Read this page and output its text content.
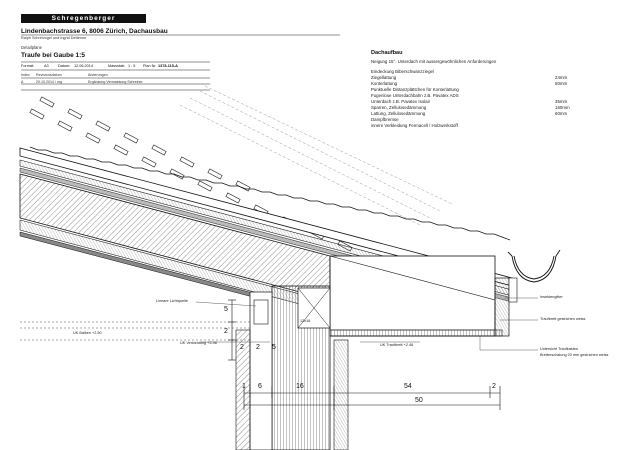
Schregenberger
Lindenbachstrasse 6, 8006 Zürich, Dachausbau
Ralph Schreivogel und Ingrid Dettenne
Detailpläne
Traufe bei Gaube 1:5
Format:	A3 Datum: 12.06.2014	Massstab: 1 : 5 Plan Nr. 1378-115-A
Index Revisionsdatum	Änderungen
A	20.10.2014 / mg	Ergänzung Vermassung Schreiner
Dachaufbau
Neigung 15°. Unterdach mit aussergewöhnlichen Anforderungen
Eindeckung Biberschwanzziegel
Ziegellattung	24mm
Konterlattung	50mm
Punktuelle Distanzplättchen für Konterlattung
Fugenlose Unterdachbahn z.B. Pavatex ADS
Unterdach z.B. Pavatex Isolair	35mm
Sparren, Zellulosedämmung	160mm
Lattung, Zellulosedämmung	60mm
Dampfbremse
innere Verkleidung Fermacell / Holzwerkstoff
Lineare Lichtquelle
UK Balken +2.50
UK Verkleidung +2.46	UK Traufbrett +2.46
Insektengitter
Traufbrett gestrichen weiss
Untersicht Traufkasten
Bretterschalung 20 mm gestrichen weiss
12x16
1 6	16	54	2
50
5
2
2 2 5
